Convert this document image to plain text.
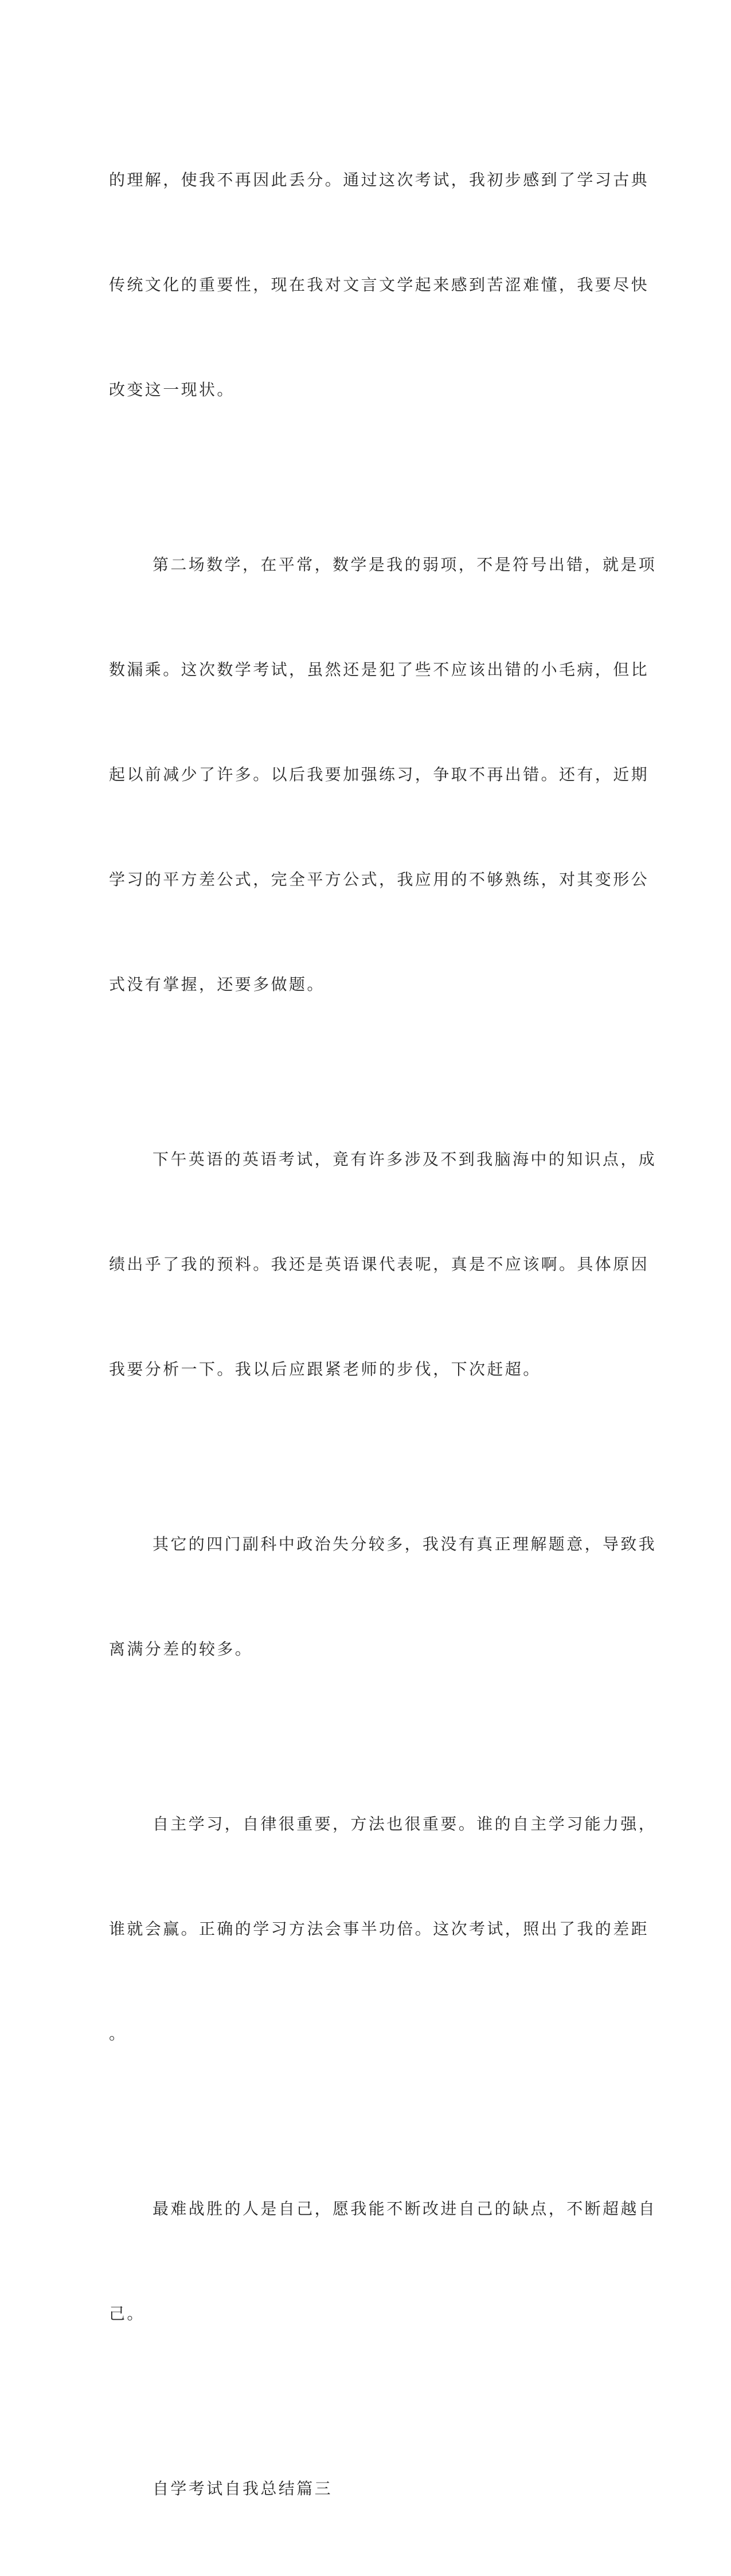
的理解，使我不再因此丢分。通过这次考试，我初步感到了学习古典

传统文化的重要性，现在我对文言文学起来感到苦涩难懂，我要尽快

改变这一现状。

第二场数学，在平常，数学是我的弱项，不是符号出错，就是项

数漏乘。这次数学考试，虽然还是犯了些不应该出错的小毛病，但比

起以前减少了许多。以后我要加强练习，争取不再出错。还有，近期

学习的平方差公式，完全平方公式，我应用的不够熟练，对其变形公

式没有掌握，还要多做题。

下午英语的英语考试，竟有许多涉及不到我脑海中的知识点，成

绩出乎了我的预料。我还是英语课代表呢，真是不应该啊。具体原因

我要分析一下。我以后应跟紧老师的步伐，下次赶超。

其它的四门副科中政治失分较多，我没有真正理解题意，导致我

离满分差的较多。

自主学习，自律很重要，方法也很重要。谁的自主学习能力强，

谁就会赢。正确的学习方法会事半功倍。这次考试，照出了我的差距

。

最难战胜的人是自己，愿我能不断改进自己的缺点，不断超越自

己。

自学考试自我总结篇三
